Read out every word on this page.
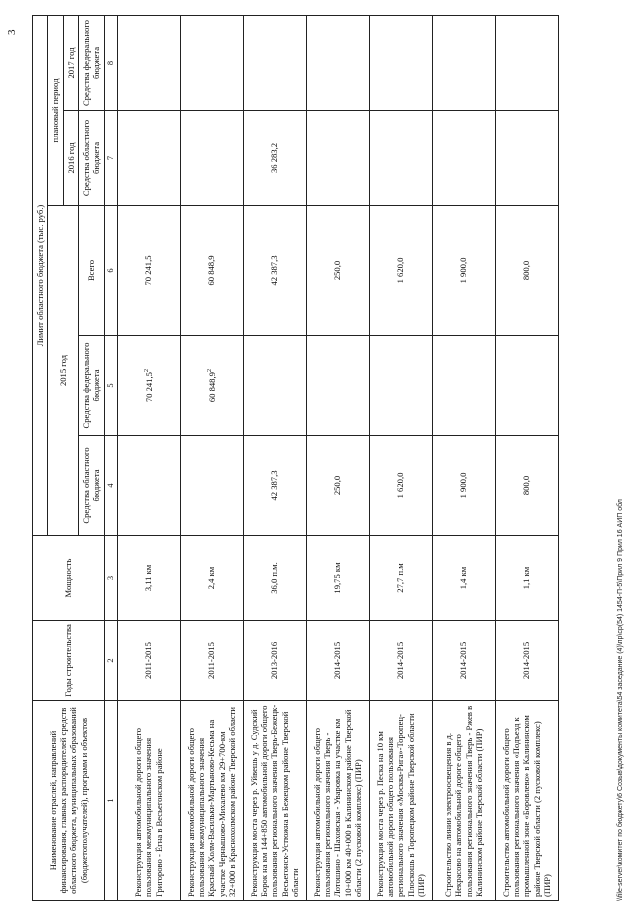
3
Наименование отраслей, направлений финансирования, главных распорядителей средств областного бюджета, муниципальных образований (бюджетополучателей), программ и объектов	Годы строительства	Мощность	Лимит областного бюджета (тыс. руб.)				
			2015 год			плановый период	
						2016 год	2017 год
			Средства областного бюджета	Средства федерального бюджета	Всего	Средства областного бюджета	Средства федерального бюджета
1	2	3	4	5	6	7	8
Реконструкция автомобильной дороги общего пользования межмуниципального значения Григорово - Ёгна в Весьегонском районе	2011-2015	3,11 км		70 241,5$^2$	70 241,5		
Реконструкция автомобильной дороги общего пользования межмуниципального значения Красный Холм-Васильки-Мартыново-Кесьма на участке Чернышово-Михалево км 29+700-км 32+000 в Краснохолмском районе Тверской области	2011-2015	2,4 км		60 848,9$^2$	60 848,9		
Реконструкция моста через р. Уйвешь у д. Судский Борок на км 144+850 автомобильной дороги общего пользования регионального значения Тверь-Бежецк-Весьегонск-Устюжна в Бежецком районе Тверской области	2013-2016	36,0 п.м.	42 387,3		42 387,3	36 283,2	
Реконструкция автомобильной дороги общего пользования регионального значения Тверь - Лотошино - Шаховская - Уваровка на участке км 10+000 км 40+000 в Калининском районе Тверской области (2 пусковой комплекс) (ПИР)	2014-2015	19,75 км	250,0		250,0		
Реконструкция моста через р. Песка на 10 км автомобильной дороги общего пользования регионального значения «Москва-Рига»-Торопец-Плоскошь в Торопецком районе Тверской области (ПИР)	2014-2015	27,7 п.м	1 620,0		1 620,0		
Строительство линии электроосвещения в д. Некрасово на автомобильной дороге общего пользования регионального значения Тверь - Ржев в Калининском районе Тверской области (ПИР)	2014-2015	1,4 км	1 900,0		1 900,0		
Строительство автомобильной дороги общего пользования регионального значения «Подъезд к промышленной зоне «Боровлево» в Калининском районе Тверской области (2 пусковой комплекс) (ПИР)	2014-2015	1,1 км	800,0		800,0		
\\file-server\комитет по бюджету\6 Созыв\документы комитета\54 заседание (4)\пр\ср(54) 1454-П-5\Прил 9 Прил 16 АИП обл
